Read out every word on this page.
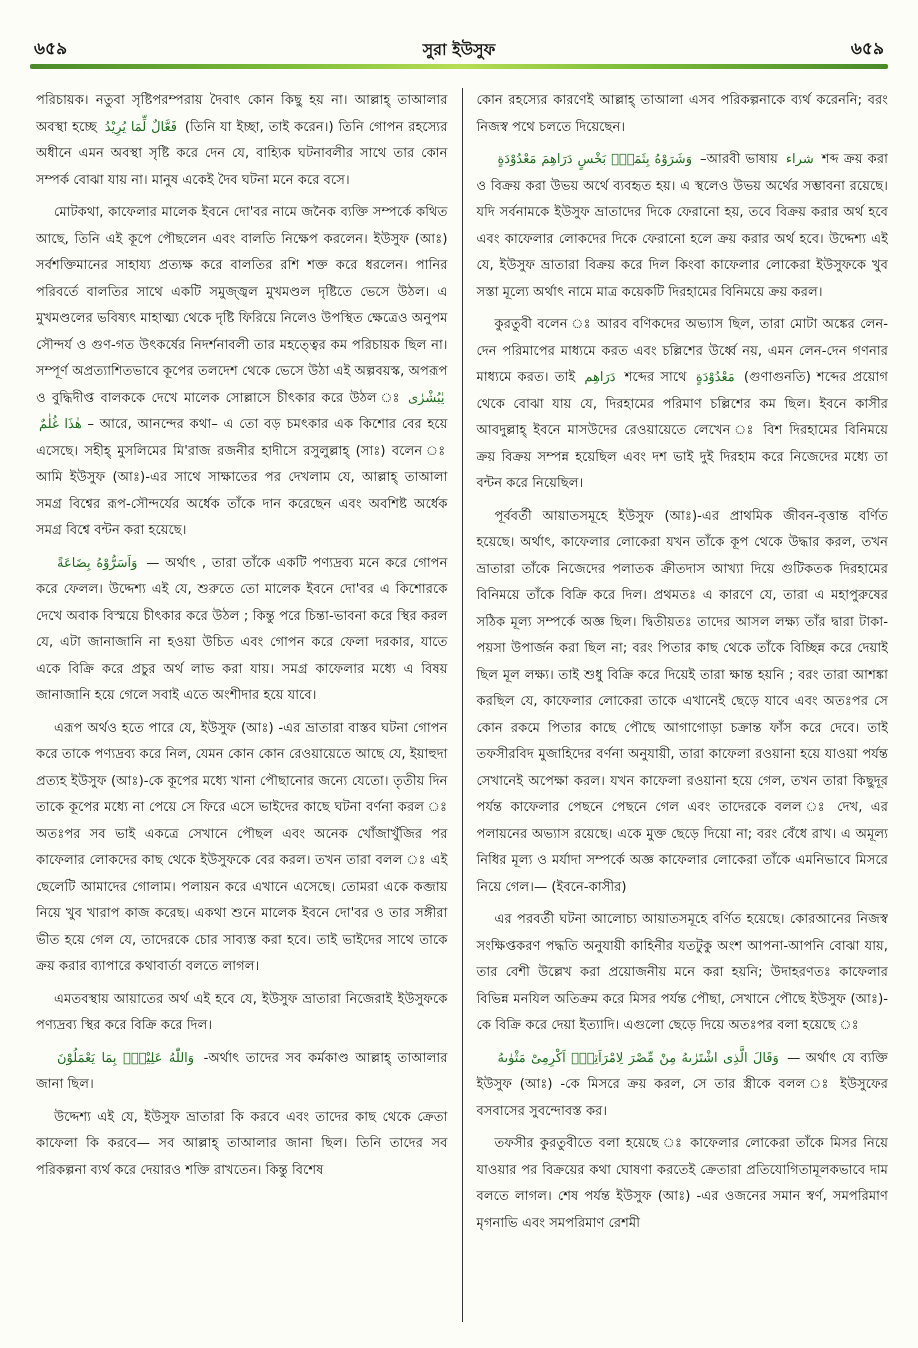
৬৫৯	সুরা ইউসুফ	৬৫৯

পরিচায়ক। নতুবা সৃষ্টিপরম্পরায় দৈবাৎ কোন কিছু হয় না। আল্লাহ্‌ তাআলার অবস্থা হচ্ছে فَعَّالٌ لِّمَا يُرِيْدُ (তিনি যা ইচ্ছা, তাই করেন।) তিনি গোপন রহস্যের অধীনে এমন অবস্থা সৃষ্টি করে দেন যে, বাহ্যিক ঘটনাবলীর সাথে তার কোন সম্পর্ক বোঝা যায় না। মানুষ একেই দৈব ঘটনা মনে করে বসে।

মোটকথা, কাফেলার মালেক ইবনে দো'বর নামে জনৈক ব্যক্তি সম্পর্কে কথিত আছে, তিনি এই কূপে পৌছলেন এবং বালতি নিক্ষেপ করলেন। ইউসুফ (আঃ) সর্বশক্তিমানের সাহায্য প্রত্যক্ষ করে বালতির রশি শক্ত করে ধরলেন। পানির পরিবর্তে বালতির সাথে একটি সমুজ্জ্বল মুখমণ্ডল দৃষ্টিতে ভেসে উঠল। এ মুখমণ্ডলের ভবিষ্যৎ মাহাত্ম্য থেকে দৃষ্টি ফিরিয়ে নিলেও উপস্থিত ক্ষেত্রেও অনুপম সৌন্দর্য ও গুণ-গত উৎকর্ষের নিদর্শনাবলী তার মহত্ত্বের কম পরিচায়ক ছিল না। সম্পূর্ণ অপ্রত্যাশিতভাবে কূপের তলদেশ থেকে ভেসে উঠা এই অল্পবয়স্ক, অপরূপ ও বুদ্ধিদীপ্ত বালককে দেখে মালেক সোল্লাসে চীৎকার করে উঠল ঃ يٰبُشْرٰى هٰذَا غُلٰمٌ – আরে, আনন্দের কথা– এ তো বড় চমৎকার এক কিশোর বের হয়ে এসেছে। সহীহ্‌ মুসলিমের মি'রাজ রজনীর হাদীসে রসুলুল্লাহ্‌ (সাঃ) বলেন ঃ আমি ইউসুফ (আঃ)-এর সাথে সাক্ষাতের পর দেখলাম যে, আল্লাহ্‌ তাআলা সমগ্র বিশ্বের রূপ-সৌন্দর্যের অর্ধেক তাঁকে দান করেছেন এবং অবশিষ্ট অর্ধেক সমগ্র বিশ্বে বন্টন করা হয়েছে।

وَاَسَرُّوْهُ بِضَاعَةً — অর্থাৎ , তারা তাঁকে একটি পণ্যদ্রব্য মনে করে গোপন করে ফেলল। উদ্দেশ্য এই যে, শুরুতে তো মালেক ইবনে দো'বর এ কিশোরকে দেখে অবাক বিস্ময়ে চীৎকার করে উঠল ; কিন্তু পরে চিন্তা-ভাবনা করে স্থির করল যে, এটা জানাজানি না হওয়া উচিত এবং গোপন করে ফেলা দরকার, যাতে একে বিক্রি করে প্রচুর অর্থ লাভ করা যায়। সমগ্র কাফেলার মধ্যে এ বিষয় জানাজানি হয়ে গেলে সবাই এতে অংশীদার হয়ে যাবে।

এরূপ অর্থও হতে পারে যে, ইউসুফ (আঃ) -এর ভ্রাতারা বাস্তব ঘটনা গোপন করে তাকে পণ্যদ্রব্য করে নিল, যেমন কোন কোন রেওয়ায়েতে আছে যে, ইয়াহুদা প্রত্যহ ইউসুফ (আঃ)-কে কূপের মধ্যে খানা পৌছানোর জন্যে যেতো। তৃতীয় দিন তাকে কূপের মধ্যে না পেয়ে সে ফিরে এসে ভাইদের কাছে ঘটনা বর্ণনা করল ঃ অতঃপর সব ভাই একত্রে সেখানে পৌছল এবং অনেক খোঁজাখুঁজির পর কাফেলার লোকদের কাছ থেকে ইউসুফকে বের করল। তখন তারা বলল ঃ এই ছেলেটি আমাদের গোলাম। পলায়ন করে এখানে এসেছে। তোমরা একে কব্জায় নিয়ে খুব খারাপ কাজ করেছ। একথা শুনে মালেক ইবনে দো'বর ও তার সঙ্গীরা ভীত হয়ে গেল যে, তাদেরকে চোর সাব্যস্ত করা হবে। তাই ভাইদের সাথে তাকে ক্রয় করার ব্যাপারে কথাবার্তা বলতে লাগল।

এমতবস্থায় আয়াতের অর্থ এই হবে যে, ইউসুফ ভ্রাতারা নিজেরাই ইউসুফকে পণ্যদ্রব্য স্থির করে বিক্রি করে দিল।

وَاللّٰهُ عَلِيْمٌۢ بِمَا يَعْمَلُوْنَ -অর্থাৎ তাদের সব কর্মকাণ্ড আল্লাহ্‌ তাআলার জানা ছিল।

উদ্দেশ্য এই যে, ইউসুফ ভ্রাতারা কি করবে এবং তাদের কাছ থেকে ক্রেতা কাফেলা কি করবে— সব আল্লাহ্‌ তাআলার জানা ছিল। তিনি তাদের সব পরিকল্পনা ব্যর্থ করে দেয়ারও শক্তি রাখতেন। কিন্তু বিশেষ

কোন রহস্যের কারণেই আল্লাহ্‌ তাআলা এসব পরিকল্পনাকে ব্যর্থ করেননি; বরং নিজস্ব পথে চলতে দিয়েছেন।

وَشَرَوْهُ بِثَمَنٍۢ بَخْسٍ دَرَاهِمَ مَعْدُوْدَةٍ –আরবী ভাষায় شراء শব্দ ক্রয় করা ও বিক্রয় করা উভয় অর্থে ব্যবহৃত হয়। এ স্থলেও উভয় অর্থের সম্ভাবনা রয়েছে। যদি সর্বনামকে ইউসুফ ভ্রাতাদের দিকে ফেরানো হয়, তবে বিক্রয় করার অর্থ হবে এবং কাফেলার লোকদের দিকে ফেরানো হলে ক্রয় করার অর্থ হবে। উদ্দেশ্য এই যে, ইউসুফ ভ্রাতারা বিক্রয় করে দিল কিংবা কাফেলার লোকেরা ইউসুফকে খুব সস্তা মূল্যে অর্থাৎ নামে মাত্র কয়েকটি দিরহামের বিনিময়ে ক্রয় করল।

কুরতুবী বলেন ঃ আরব বণিকদের অভ্যাস ছিল, তারা মোটা অঙ্কের লেন-দেন পরিমাপের মাধ্যমে করত এবং চল্লিশের উর্ধ্বে নয়, এমন লেন-দেন গণনার মাধ্যমে করত। তাই دَرَاهِم শব্দের সাথে مَعْدُوْدَةٍ (গুণাগুনতি) শব্দের প্রয়োগ থেকে বোঝা যায় যে, দিরহামের পরিমাণ চল্লিশের কম ছিল। ইবনে কাসীর আবদুল্লাহ্‌ ইবনে মাসউদের রেওয়ায়েতে লেখেন ঃ বিশ দিরহামের বিনিময়ে ক্রয় বিক্রয় সম্পন্ন হয়েছিল এবং দশ ভাই দুই দিরহাম করে নিজেদের মধ্যে তা বন্টন করে নিয়েছিল।

পূর্ববর্তী আয়াতসমূহে ইউসুফ (আঃ)-এর প্রাথমিক জীবন-বৃত্তান্ত বর্ণিত হয়েছে। অর্থাৎ, কাফেলার লোকেরা যখন তাঁকে কূপ থেকে উদ্ধার করল, তখন ভ্রাতারা তাঁকে নিজেদের পলাতক ক্রীতদাস আখ্যা দিয়ে গুটিকতক দিরহামের বিনিময়ে তাঁকে বিক্রি করে দিল। প্রথমতঃ এ কারণে যে, তারা এ মহাপুরুষের সঠিক মূল্য সম্পর্কে অজ্ঞ ছিল। দ্বিতীয়তঃ তাদের আসল লক্ষ্য তাঁর দ্বারা টাকা-পয়সা উপার্জন করা ছিল না; বরং পিতার কাছ থেকে তাঁকে বিচ্ছিন্ন করে দেয়াই ছিল মূল লক্ষ্য। তাই শুধু বিক্রি করে দিয়েই তারা ক্ষান্ত হয়নি ; বরং তারা আশঙ্কা করছিল যে, কাফেলার লোকেরা তাকে এখানেই ছেড়ে যাবে এবং অতঃপর সে কোন রকমে পিতার কাছে পৌছে আগাগোড়া চক্রান্ত ফাঁস করে দেবে। তাই তফসীরবিদ মুজাহিদের বর্ণনা অনুযায়ী, তারা কাফেলা রওয়ানা হয়ে যাওয়া পর্যন্ত সেখানেই অপেক্ষা করল। যখন কাফেলা রওয়ানা হয়ে গেল, তখন তারা কিছুদূর পর্যন্ত কাফেলার পেছনে পেছনে গেল এবং তাদেরকে বলল ঃ দেখ, এর পলায়নের অভ্যাস রয়েছে। একে মুক্ত ছেড়ে দিয়ো না; বরং বেঁধে রাখ। এ অমূল্য নিধির মূল্য ও মর্যাদা সম্পর্কে অজ্ঞ কাফেলার লোকেরা তাঁকে এমনিভাবে মিসরে নিয়ে গেল।— (ইবনে-কাসীর)

এর পরবর্তী ঘটনা আলোচ্য আয়াতসমূহে বর্ণিত হয়েছে। কোরআনের নিজস্ব সংক্ষিপ্তকরণ পদ্ধতি অনুযায়ী কাহিনীর যতটুকু অংশ আপনা-আপনি বোঝা যায়, তার বেশী উল্লেখ করা প্রয়োজনীয় মনে করা হয়নি; উদাহরণতঃ কাফেলার বিভিন্ন মনযিল অতিক্রম করে মিসর পর্যন্ত পৌছা, সেখানে পৌছে ইউসুফ (আঃ)-কে বিক্রি করে দেয়া ইত্যাদি। এগুলো ছেড়ে দিয়ে অতঃপর বলা হয়েছে ঃ

وَقَالَ الَّذِى اشْتَرٰىهُ مِنْ مِّصْرَ لِامْرَاَتِهٖۤ اَكْرِمِىْ مَثْوٰىهُ — অর্থাৎ যে ব্যক্তি ইউসুফ (আঃ) -কে মিসরে ক্রয় করল, সে তার স্ত্রীকে বলল ঃ ইউসুফের বসবাসের সুবন্দোবস্ত কর।

তফসীর কুরতুবীতে বলা হয়েছে ঃ কাফেলার লোকেরা তাঁকে মিসর নিয়ে যাওয়ার পর বিক্রয়ের কথা ঘোষণা করতেই ক্রেতারা প্রতিযোগিতামূলকভাবে দাম বলতে লাগল। শেষ পর্যন্ত ইউসুফ (আঃ) -এর ওজনের সমান স্বর্ণ, সমপরিমাণ মৃগনাভি এবং সমপরিমাণ রেশমী
